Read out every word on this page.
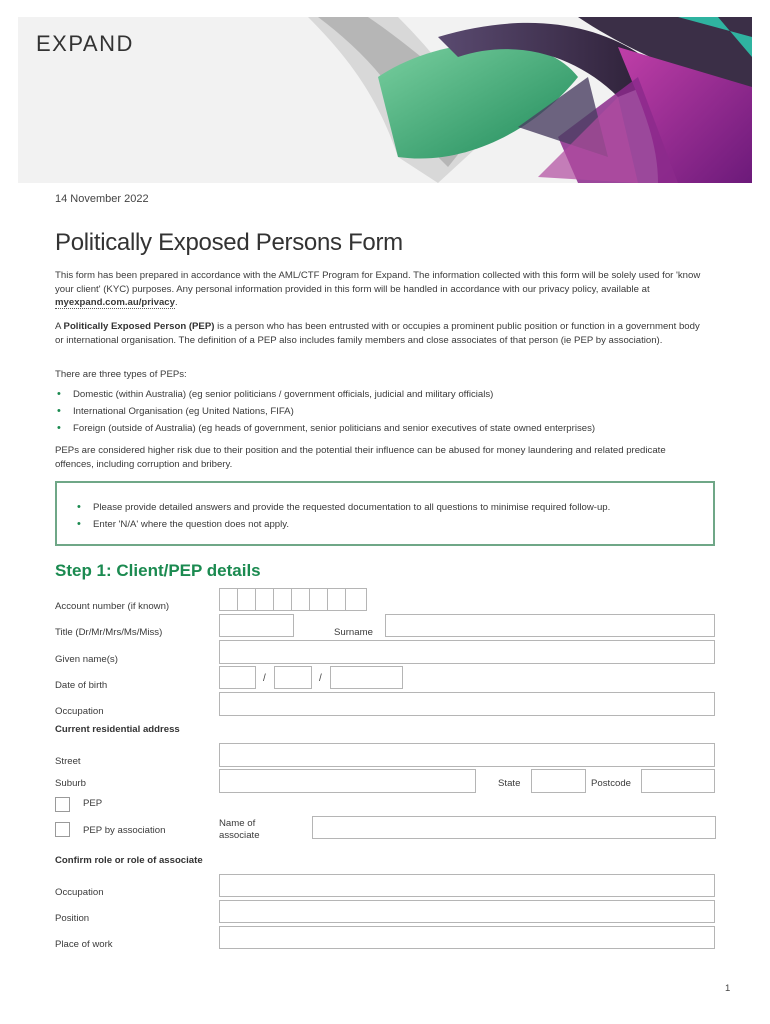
EXPAND
14 November 2022
Politically Exposed Persons Form
This form has been prepared in accordance with the AML/CTF Program for Expand. The information collected with this form will be solely used for 'know your client' (KYC) purposes. Any personal information provided in this form will be handled in accordance with our privacy policy, available at myexpand.com.au/privacy.
A Politically Exposed Person (PEP) is a person who has been entrusted with or occupies a prominent public position or function in a government body or international organisation. The definition of a PEP also includes family members and close associates of that person (ie PEP by association).
There are three types of PEPs:
• Domestic (within Australia) (eg senior politicians / government officials, judicial and military officials)
• International Organisation (eg United Nations, FIFA)
• Foreign (outside of Australia) (eg heads of government, senior politicians and senior executives of state owned enterprises)
PEPs are considered higher risk due to their position and the potential their influence can be abused for money laundering and related predicate offences, including corruption and bribery.
• Please provide detailed answers and provide the requested documentation to all questions to minimise required follow-up.
• Enter 'N/A' where the question does not apply.
Step 1: Client/PEP details
Account number (if known)
Title (Dr/Mr/Mrs/Ms/Miss)	Surname
Given name(s)
Date of birth
/	/
Occupation
Current residential address
Street
Suburb	State	Postcode
PEP
PEP by association
Name of associate
Confirm role or role of associate
Occupation
Position
Place of work
1
